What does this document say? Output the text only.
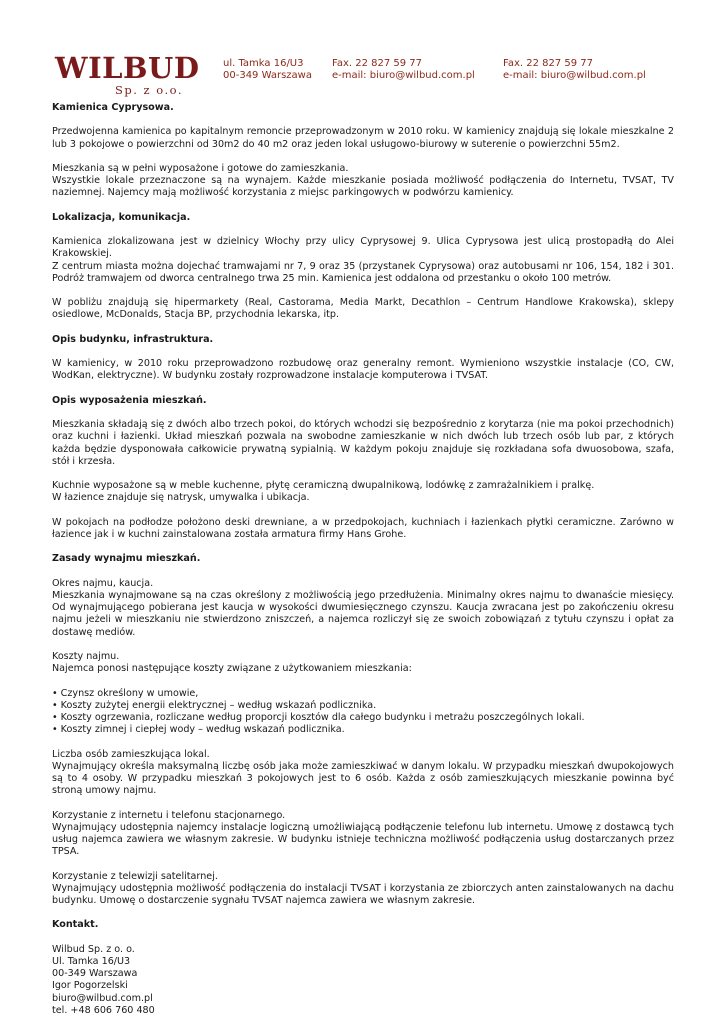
WILBUD
Sp. z o.o.
ul. Tamka 16/U3
00-349 Warszawa
Fax. 22 827 59 77
e-mail: biuro@wilbud.com.pl
Fax. 22 827 59 77
e-mail: biuro@wilbud.com.pl

Kamienica Cyprysowa.

Przedwojenna kamienica po kapitalnym remoncie przeprowadzonym w 2010 roku. W kamienicy znajdują się lokale mieszkalne 2 lub 3 pokojowe o powierzchni od 30m2 do 40 m2 oraz jeden lokal usługowo-biurowy w suterenie o powierzchni 55m2.

Mieszkania są w pełni wyposażone i gotowe do zamieszkania.

Wszystkie lokale przeznaczone są na wynajem. Każde mieszkanie posiada możliwość podłączenia do Internetu, TVSAT, TV naziemnej. Najemcy mają możliwość korzystania z miejsc parkingowych w podwórzu kamienicy.

Lokalizacja, komunikacja.

Kamienica zlokalizowana jest w dzielnicy Włochy przy ulicy Cyprysowej 9. Ulica Cyprysowa jest ulicą prostopadłą do Alei Krakowskiej.

Z centrum miasta można dojechać tramwajami nr 7, 9 oraz 35 (przystanek Cyprysowa) oraz autobusami nr 106, 154, 182 i 301. Podróż tramwajem od dworca centralnego trwa 25 min. Kamienica jest oddalona od przestanku o około 100 metrów.

W pobliżu znajdują się hipermarkety (Real, Castorama, Media Markt, Decathlon – Centrum Handlowe Krakowska), sklepy osiedlowe, McDonalds, Stacja BP, przychodnia lekarska, itp.

Opis budynku, infrastruktura.

W kamienicy, w 2010 roku przeprowadzono rozbudowę oraz generalny remont. Wymieniono wszystkie instalacje (CO, CW, WodKan, elektryczne). W budynku zostały rozprowadzone instalacje komputerowa i TVSAT.

Opis wyposażenia mieszkań.

Mieszkania składają się z dwóch albo trzech pokoi, do których wchodzi się bezpośrednio z korytarza (nie ma pokoi przechodnich) oraz kuchni i łazienki. Układ mieszkań pozwala na swobodne zamieszkanie w nich dwóch lub trzech osób lub par, z których każda będzie dysponowała całkowicie prywatną sypialnią. W każdym pokoju znajduje się rozkładana sofa dwuosobowa, szafa, stół i krzesła.

Kuchnie wyposażone są w meble kuchenne, płytę ceramiczną dwupalnikową, lodówkę z zamrażalnikiem i pralkę.

W łazience znajduje się natrysk, umywalka i ubikacja.

W pokojach na podłodze położono deski drewniane, a w przedpokojach, kuchniach i łazienkach płytki ceramiczne. Zarówno w łazience jak i w kuchni zainstalowana została armatura firmy Hans Grohe.

Zasady wynajmu mieszkań.

Okres najmu, kaucja.

Mieszkania wynajmowane są na czas określony z możliwością jego przedłużenia. Minimalny okres najmu to dwanaście miesięcy. Od wynajmującego pobierana jest kaucja w wysokości dwumiesięcznego czynszu. Kaucja zwracana jest po zakończeniu okresu najmu jeżeli w mieszkaniu nie stwierdzono zniszczeń, a najemca rozliczył się ze swoich zobowiązań z tytułu czynszu i opłat za dostawę mediów.

Koszty najmu.

Najemca ponosi następujące koszty związane z użytkowaniem mieszkania:

• Czynsz określony w umowie,

• Koszty zużytej energii elektrycznej – według wskazań podlicznika.

• Koszty ogrzewania, rozliczane według proporcji kosztów dla całego budynku i metrażu poszczególnych lokali.

• Koszty zimnej i ciepłej wody – według wskazań podlicznika.

Liczba osób zamieszkująca lokal.

Wynajmujący określa maksymalną liczbę osób jaka może zamieszkiwać w danym lokalu. W przypadku mieszkań dwupokojowych są to 4 osoby. W przypadku mieszkań 3 pokojowych jest to 6 osób. Każda z osób zamieszkujących mieszkanie powinna być stroną umowy najmu.

Korzystanie z internetu i telefonu stacjonarnego.

Wynajmujący udostępnia najemcy instalacje logiczną umożliwiającą podłączenie telefonu lub internetu. Umowę z dostawcą tych usług najemca zawiera we własnym zakresie. W budynku istnieje techniczna możliwość podłączenia usług dostarczanych przez TPSA.

Korzystanie z telewizji satelitarnej.

Wynajmujący udostępnia możliwość podłączenia do instalacji TVSAT i korzystania ze zbiorczych anten zainstalowanych na dachu budynku. Umowę o dostarczenie sygnału TVSAT najemca zawiera we własnym zakresie.

Kontakt.

Wilbud Sp. z o. o.

Ul. Tamka 16/U3

00-349 Warszawa

Igor Pogorzelski

biuro@wilbud.com.pl

tel. +48 606 760 480
